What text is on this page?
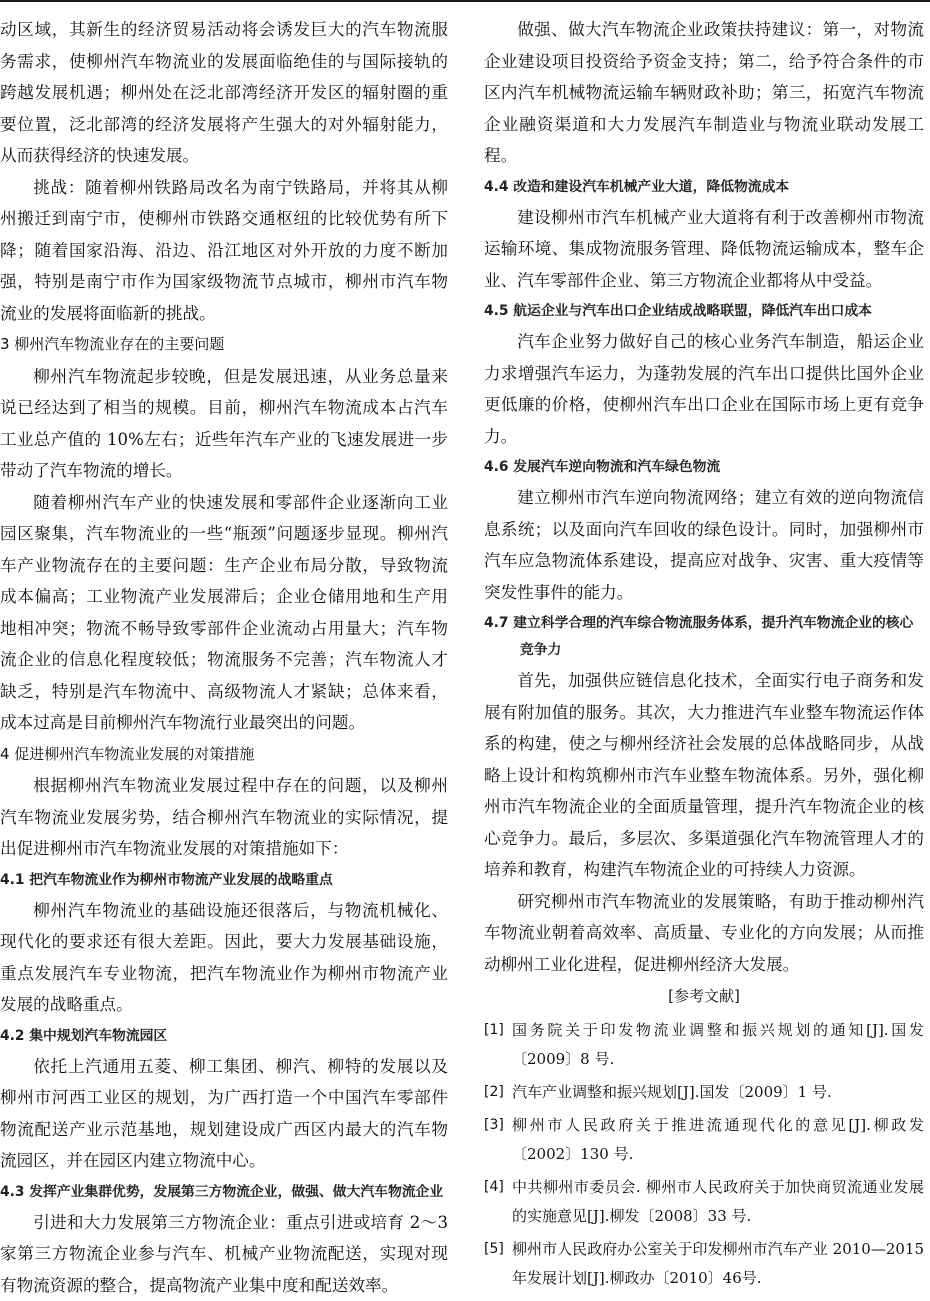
动区域，其新生的经济贸易活动将会诱发巨大的汽车物流服务需求，使柳州汽车物流业的发展面临绝佳的与国际接轨的跨越发展机遇；柳州处在泛北部湾经济开发区的辐射圈的重要位置，泛北部湾的经济发展将产生强大的对外辐射能力，从而获得经济的快速发展。

挑战：随着柳州铁路局改名为南宁铁路局，并将其从柳州搬迁到南宁市，使柳州市铁路交通枢纽的比较优势有所下降；随着国家沿海、沿边、沿江地区对外开放的力度不断加强，特别是南宁市作为国家级物流节点城市，柳州市汽车物流业的发展将面临新的挑战。

3 柳州汽车物流业存在的主要问题

柳州汽车物流起步较晚，但是发展迅速，从业务总量来说已经达到了相当的规模。目前，柳州汽车物流成本占汽车工业总产值的 10%左右；近些年汽车产业的飞速发展进一步带动了汽车物流的增长。

随着柳州汽车产业的快速发展和零部件企业逐渐向工业园区聚集，汽车物流业的一些“瓶颈”问题逐步显现。柳州汽车产业物流存在的主要问题：生产企业布局分散，导致物流成本偏高；工业物流产业发展滞后；企业仓储用地和生产用地相冲突；物流不畅导致零部件企业流动占用量大；汽车物流企业的信息化程度较低；物流服务不完善；汽车物流人才缺乏，特别是汽车物流中、高级物流人才紧缺；总体来看，成本过高是目前柳州汽车物流行业最突出的问题。

4 促进柳州汽车物流业发展的对策措施

根据柳州汽车物流业发展过程中存在的问题，以及柳州汽车物流业发展劣势，结合柳州汽车物流业的实际情况，提出促进柳州市汽车物流业发展的对策措施如下：

4.1 把汽车物流业作为柳州市物流产业发展的战略重点

柳州汽车物流业的基础设施还很落后，与物流机械化、现代化的要求还有很大差距。因此，要大力发展基础设施，重点发展汽车专业物流，把汽车物流业作为柳州市物流产业发展的战略重点。

4.2 集中规划汽车物流园区

依托上汽通用五菱、柳工集团、柳汽、柳特的发展以及柳州市河西工业区的规划，为广西打造一个中国汽车零部件物流配送产业示范基地，规划建设成广西区内最大的汽车物流园区，并在园区内建立物流中心。

4.3 发挥产业集群优势，发展第三方物流企业，做强、做大汽车物流企业

引进和大力发展第三方物流企业：重点引进或培育 2～3 家第三方物流企业参与汽车、机械产业物流配送，实现对现有物流资源的整合，提高物流产业集中度和配送效率。

做强、做大汽车物流企业政策扶持建议：第一，对物流企业建设项目投资给予资金支持；第二，给予符合条件的市区内汽车机械物流运输车辆财政补助；第三，拓宽汽车物流企业融资渠道和大力发展汽车制造业与物流业联动发展工程。

4.4 改造和建设汽车机械产业大道，降低物流成本

建设柳州市汽车机械产业大道将有利于改善柳州市物流运输环境、集成物流服务管理、降低物流运输成本，整车企业、汽车零部件企业、第三方物流企业都将从中受益。

4.5 航运企业与汽车出口企业结成战略联盟，降低汽车出口成本

汽车企业努力做好自己的核心业务汽车制造，船运企业力求增强汽车运力，为蓬勃发展的汽车出口提供比国外企业更低廉的价格，使柳州汽车出口企业在国际市场上更有竞争力。

4.6 发展汽车逆向物流和汽车绿色物流

建立柳州市汽车逆向物流网络；建立有效的逆向物流信息系统；以及面向汽车回收的绿色设计。同时，加强柳州市汽车应急物流体系建设，提高应对战争、灾害、重大疫情等突发性事件的能力。

4.7 建立科学合理的汽车综合物流服务体系，提升汽车物流企业的核心竞争力

首先，加强供应链信息化技术，全面实行电子商务和发展有附加值的服务。其次，大力推进汽车业整车物流运作体系的构建，使之与柳州经济社会发展的总体战略同步，从战略上设计和构筑柳州市汽车业整车物流体系。另外，强化柳州市汽车物流企业的全面质量管理，提升汽车物流企业的核心竞争力。最后，多层次、多渠道强化汽车物流管理人才的培养和教育，构建汽车物流企业的可持续人力资源。

研究柳州市汽车物流业的发展策略，有助于推动柳州汽车物流业朝着高效率、高质量、专业化的方向发展；从而推动柳州工业化进程，促进柳州经济大发展。

[参考文献]
[1] 国务院关于印发物流业调整和振兴规划的通知[J].国发〔2009〕8 号.
[2] 汽车产业调整和振兴规划[J].国发〔2009〕1 号.
[3] 柳州市人民政府关于推进流通现代化的意见[J].柳政发〔2002〕130 号.
[4] 中共柳州市委员会. 柳州市人民政府关于加快商贸流通业发展的实施意见[J].柳发〔2008〕33 号.
[5] 柳州市人民政府办公室关于印发柳州市汽车产业 2010—2015年发展计划[J].柳政办〔2010〕46号.
